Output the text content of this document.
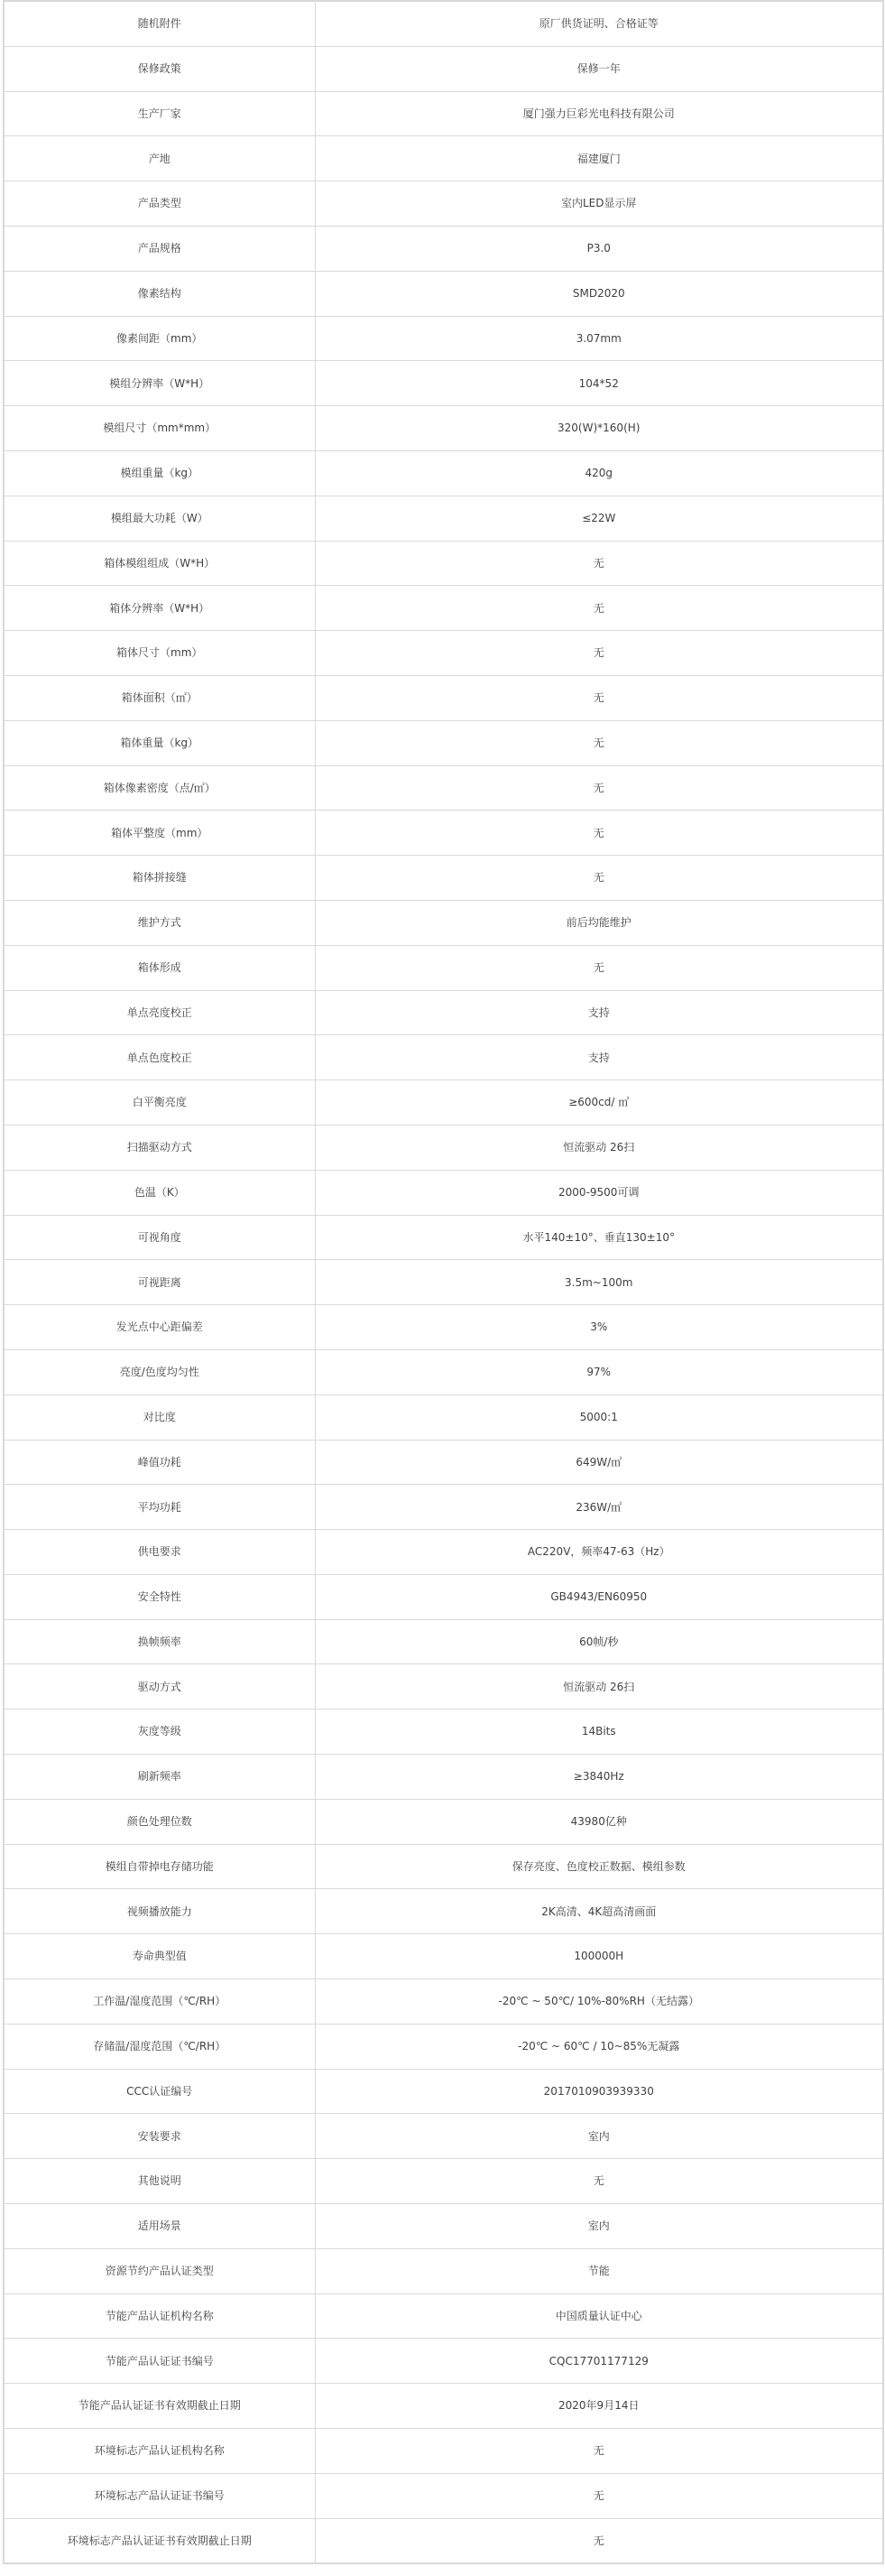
随机附件	原厂供货证明、合格证等
保修政策	保修一年
生产厂家	厦门强力巨彩光电科技有限公司
产地	福建厦门
产品类型	室内LED显示屏
产品规格	P3.0
像素结构	SMD2020
像素间距（mm）	3.07mm
模组分辨率（W*H）	104*52
模组尺寸（mm*mm）	320(W)*160(H)
模组重量（kg）	420g
模组最大功耗（W）	≤22W
箱体模组组成（W*H）	无
箱体分辨率（W*H）	无
箱体尺寸（mm）	无
箱体面积（㎡）	无
箱体重量（kg）	无
箱体像素密度（点/㎡）	无
箱体平整度（mm）	无
箱体拼接缝	无
维护方式	前后均能维护
箱体形成	无
单点亮度校正	支持
单点色度校正	支持
白平衡亮度	≥600cd/ ㎡
扫描驱动方式	恒流驱动 26扫
色温（K）	2000-9500可调
可视角度	水平140±10°、垂直130±10°
可视距离	3.5m~100m
发光点中心距偏差	3%
亮度/色度均匀性	97%
对比度	5000:1
峰值功耗	649W/㎡
平均功耗	236W/㎡
供电要求	AC220V，频率47-63（Hz）
安全特性	GB4943/EN60950
换帧频率	60帧/秒
驱动方式	恒流驱动 26扫
灰度等级	14Bits
刷新频率	≥3840Hz
颜色处理位数	43980亿种
模组自带掉电存储功能	保存亮度、色度校正数据、模组参数
视频播放能力	2K高清、4K超高清画面
寿命典型值	100000H
工作温/湿度范围（℃/RH）	-20℃ ~ 50℃/ 10%-80%RH（无结露）
存储温/湿度范围（℃/RH）	-20℃ ~ 60℃ / 10~85%无凝露
CCC认证编号	2017010903939330
安装要求	室内
其他说明	无
适用场景	室内
资源节约产品认证类型	节能
节能产品认证机构名称	中国质量认证中心
节能产品认证证书编号	CQC17701177129
节能产品认证证书有效期截止日期	2020年9月14日
环境标志产品认证机构名称	无
环境标志产品认证证书编号	无
环境标志产品认证证书有效期截止日期	无
